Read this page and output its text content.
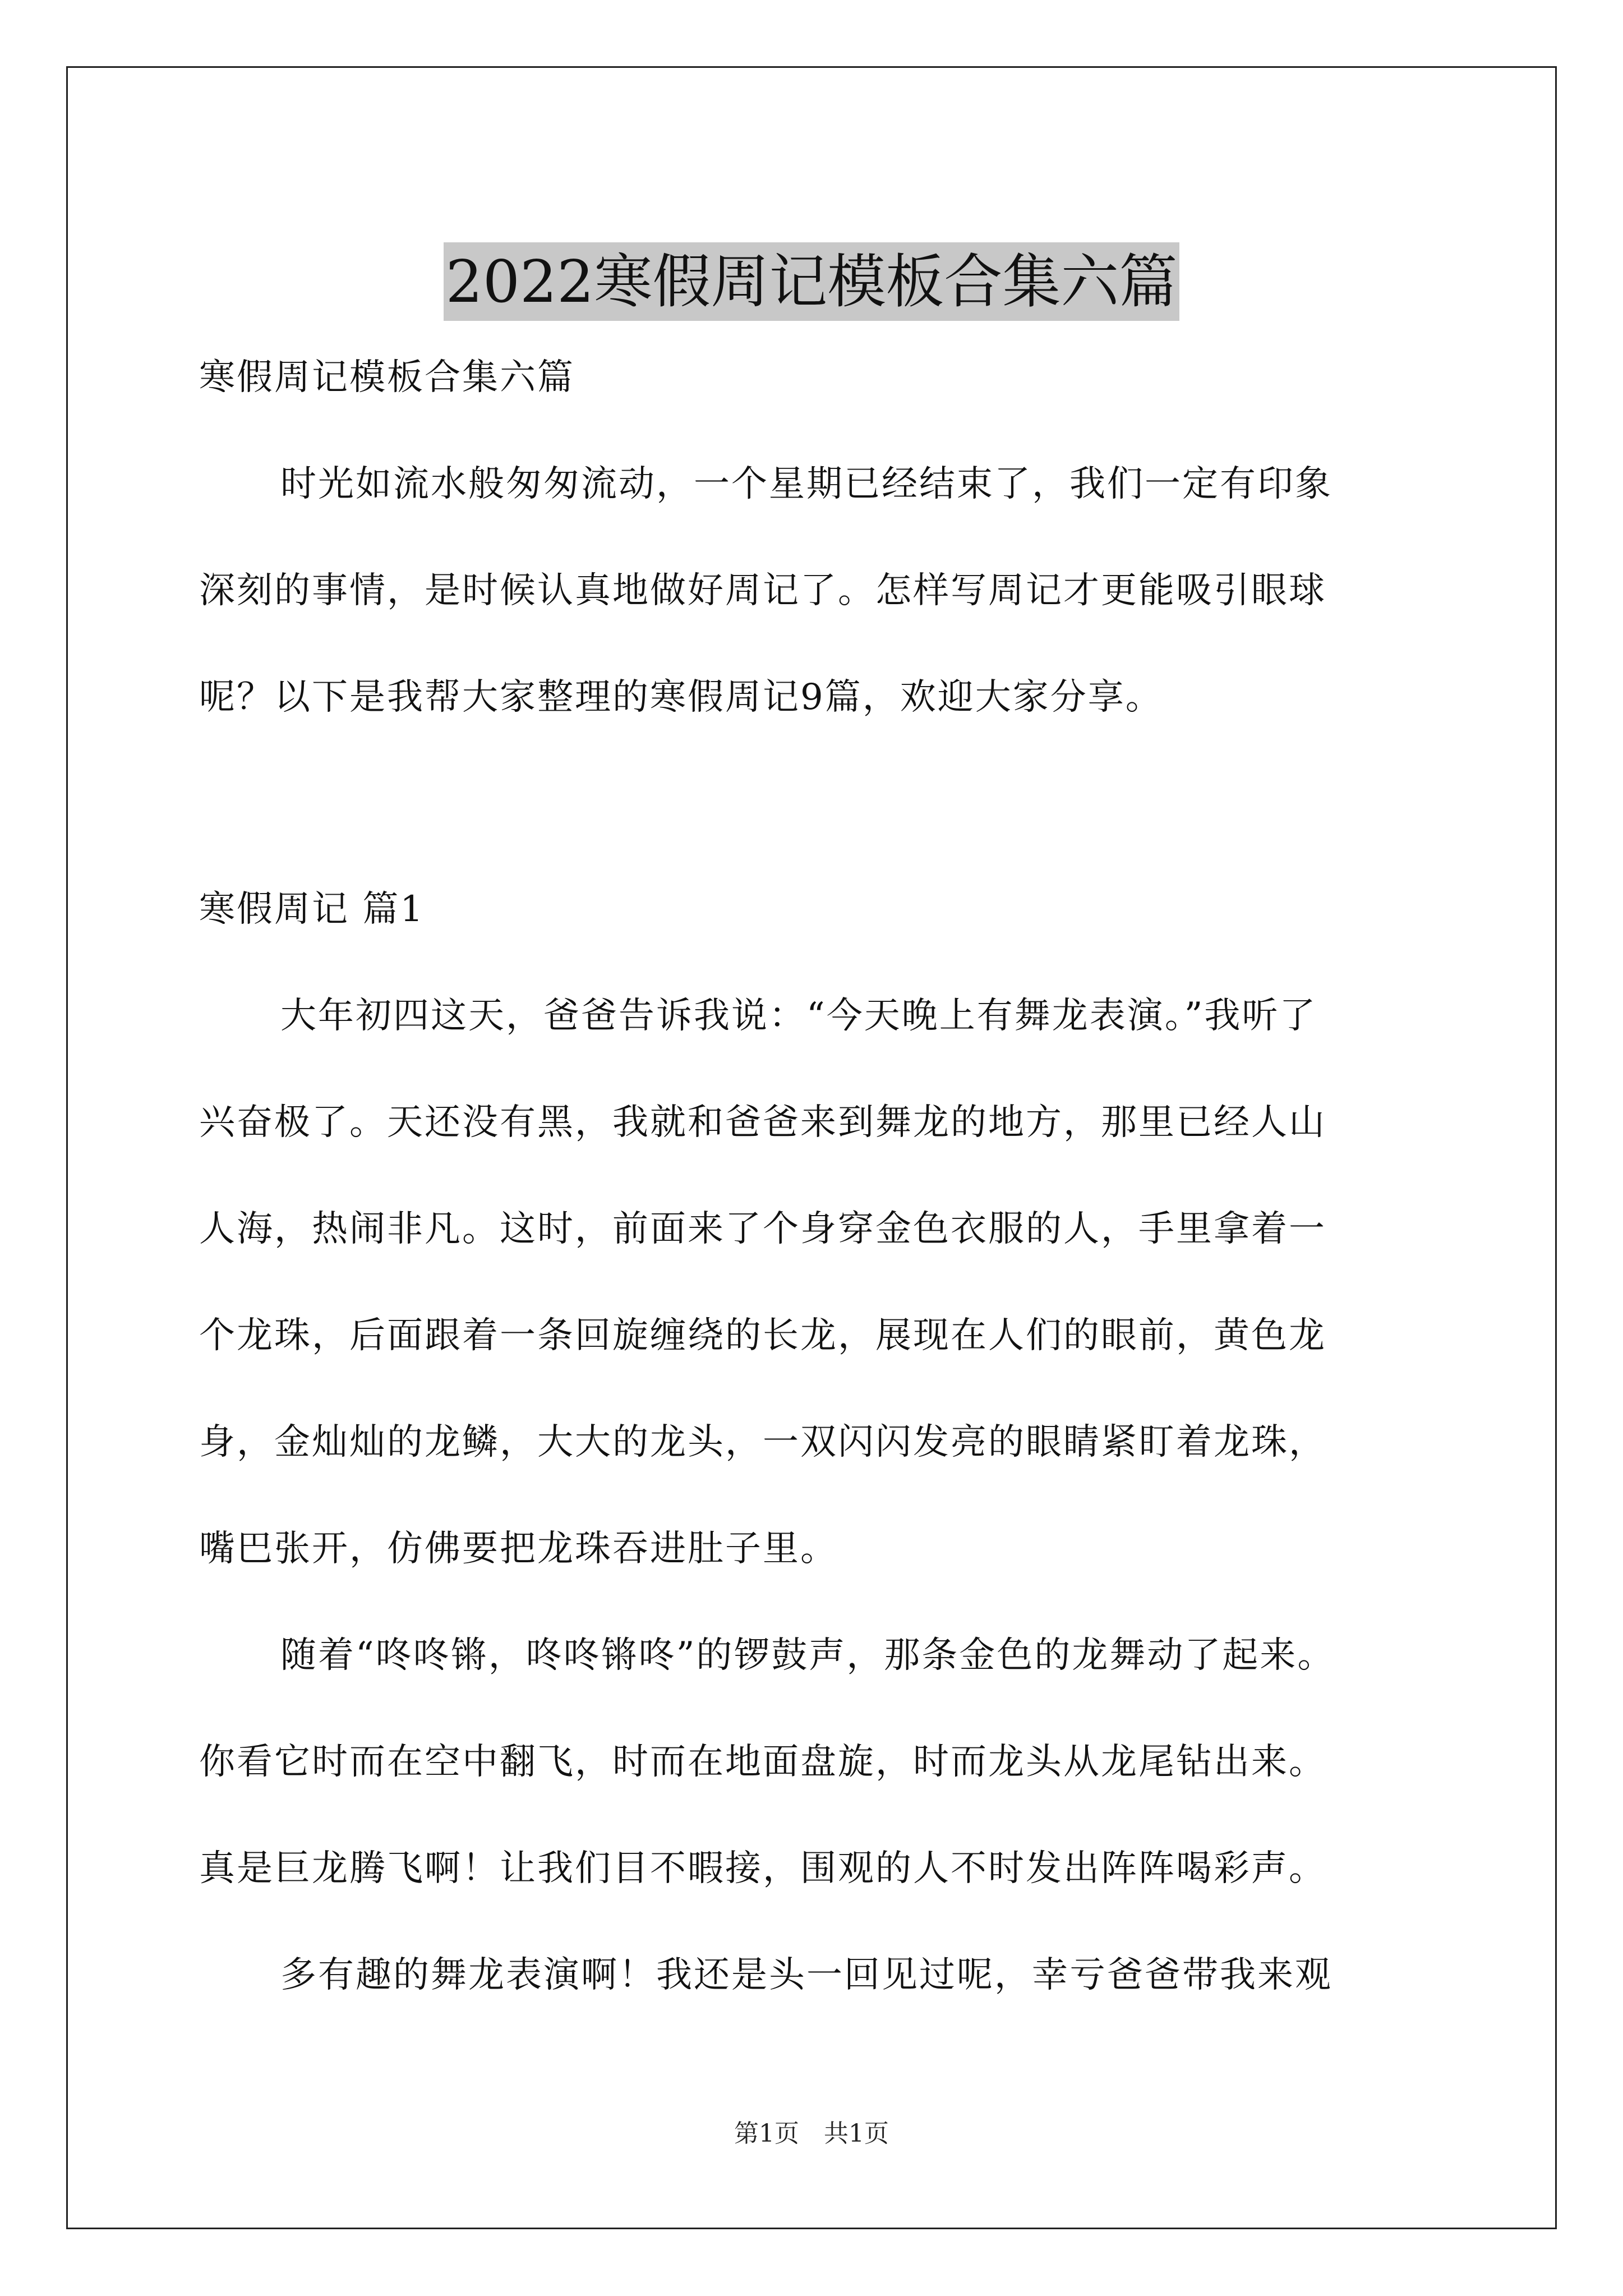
2022寒假周记模板合集六篇

寒假周记模板合集六篇

时光如流水般匆匆流动，一个星期已经结束了，我们一定有印象

深刻的事情，是时候认真地做好周记了。怎样写周记才更能吸引眼球

呢？以下是我帮大家整理的寒假周记9篇，欢迎大家分享。

寒假周记 篇1

大年初四这天，爸爸告诉我说：“今天晚上有舞龙表演。”我听了

兴奋极了。天还没有黑，我就和爸爸来到舞龙的地方，那里已经人山

人海，热闹非凡。这时，前面来了个身穿金色衣服的人，手里拿着一

个龙珠，后面跟着一条回旋缠绕的长龙，展现在人们的眼前，黄色龙

身，金灿灿的龙鳞，大大的龙头，一双闪闪发亮的眼睛紧盯着龙珠，

嘴巴张开，仿佛要把龙珠吞进肚子里。

随着“咚咚锵，咚咚锵咚”的锣鼓声，那条金色的龙舞动了起来。

你看它时而在空中翻飞，时而在地面盘旋，时而龙头从龙尾钻出来。

真是巨龙腾飞啊！让我们目不暇接，围观的人不时发出阵阵喝彩声。

多有趣的舞龙表演啊！我还是头一回见过呢，幸亏爸爸带我来观

第1页　共1页
